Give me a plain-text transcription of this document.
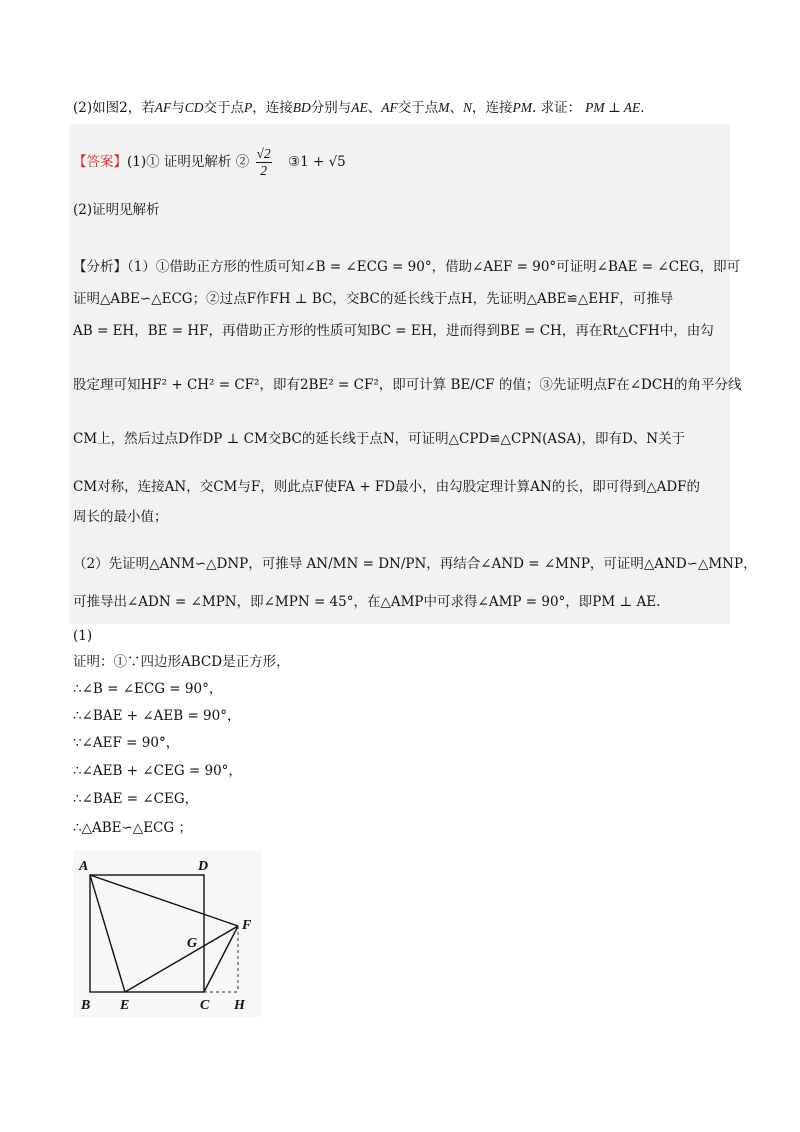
(2)如图2，若AF与CD交于点P，连接BD分别与AE、AF交于点M、N，连接PM. 求证： PM ⊥ AE.
【答案】(1)① 证明见解析 ② $\frac{√2}{2}$ ③1 + √5
(2)证明见解析
【分析】（1）①借助正方形的性质可知∠B = ∠ECG = 90°，借助∠AEF = 90°可证明∠BAE = ∠CEG，即可
证明△ABE∽△ECG；②过点F作FH ⊥ BC，交BC的延长线于点H，先证明△ABE≌△EHF，可推导
AB = EH，BE = HF，再借助正方形的性质可知BC = EH，进而得到BE = CH，再在Rt△CFH中，由勾
股定理可知HF² + CH² = CF²，即有2BE² = CF²，即可计算 BE/CF 的值；③先证明点F在∠DCH的角平分线
CM上，然后过点D作DP ⊥ CM交BC的延长线于点N，可证明△CPD≌△CPN(ASA)，即有D、N关于
CM对称，连接AN，交CM与F，则此点F使FA + FD最小，由勾股定理计算AN的长，即可得到△ADF的
周长的最小值；
（2）先证明△ANM∽△DNP，可推导 AN/MN = DN/PN，再结合∠AND = ∠MNP，可证明△AND∽△MNP，
可推导出∠ADN = ∠MPN，即∠MPN = 45°，在△AMP中可求得∠AMP = 90°，即PM ⊥ AE.
(1)
证明：①∵四边形ABCD是正方形，
∴∠B = ∠ECG = 90°，
∴∠BAE + ∠AEB = 90°，
∵∠AEF = 90°，
∴∠AEB + ∠CEG = 90°，
∴∠BAE = ∠CEG，
∴△ABE∽△ECG ；
A	D
F
G
B E	C H
